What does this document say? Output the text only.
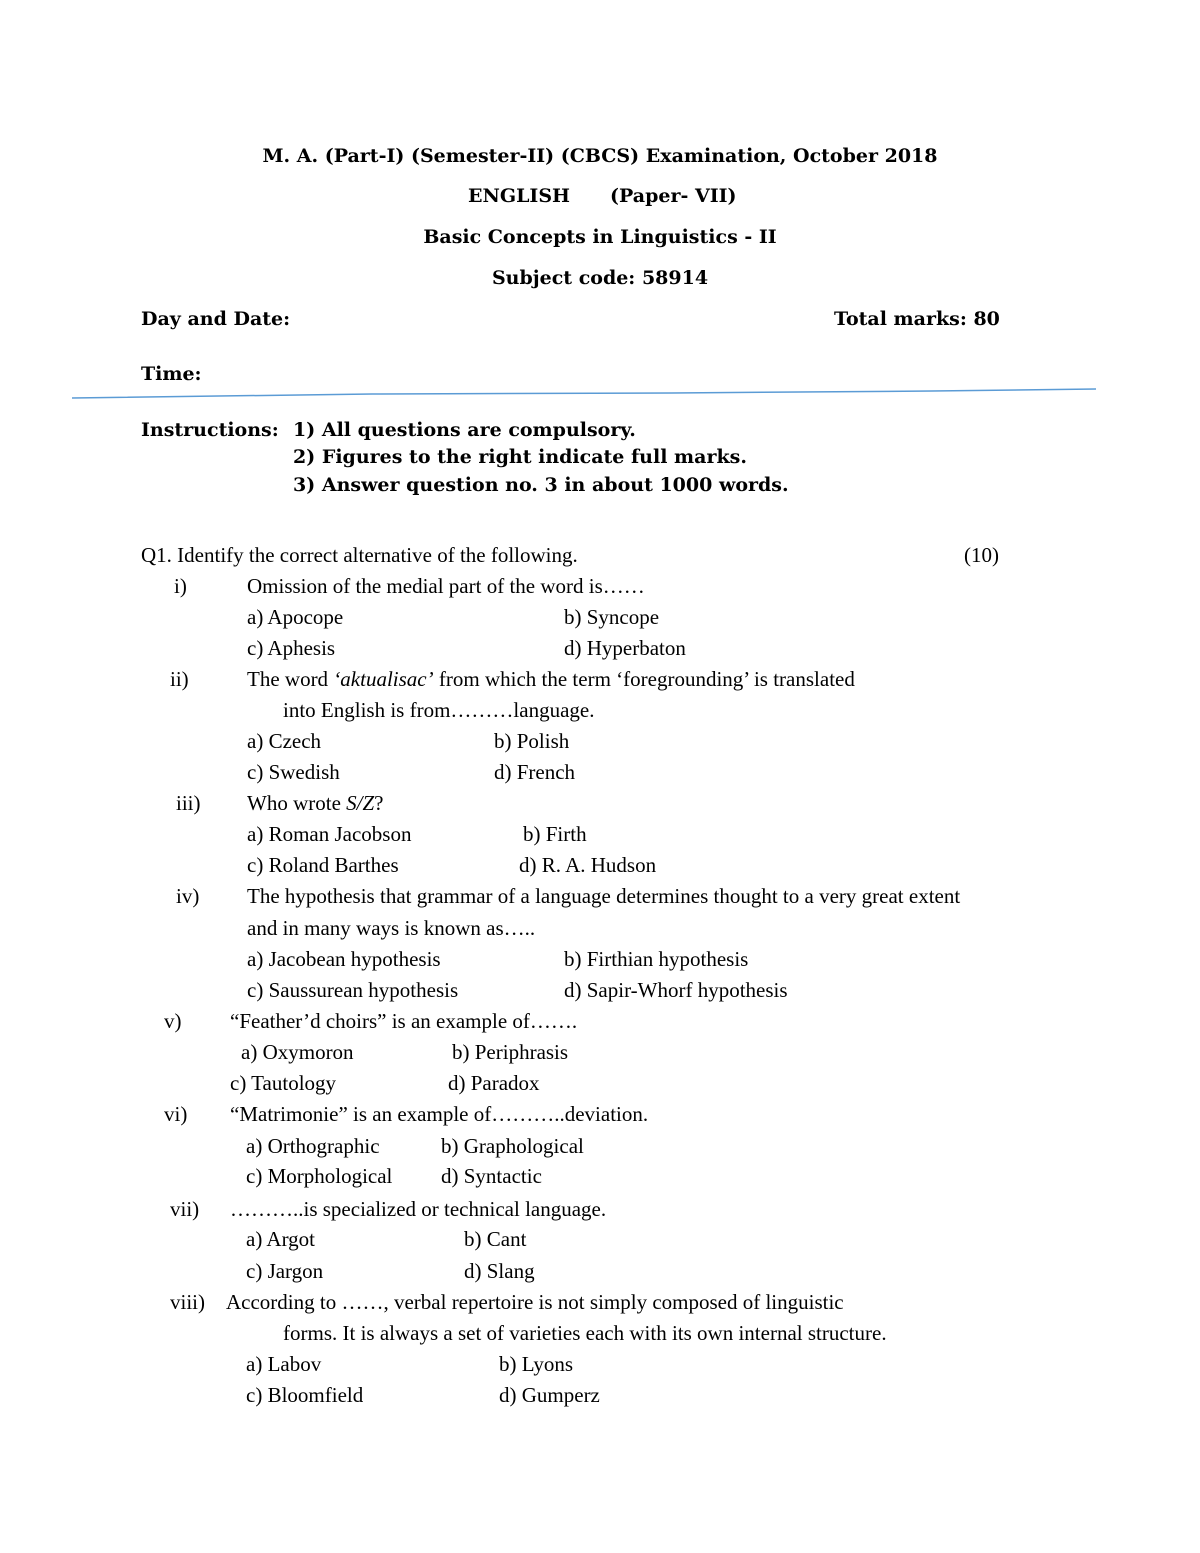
M. A. (Part-I) (Semester-II) (CBCS) Examination, October 2018
ENGLISH (Paper- VII)
Basic Concepts in Linguistics - II
Subject code: 58914
Day and Date:	Total marks: 80
Time:
Instructions: 1) All questions are compulsory.
2) Figures to the right indicate full marks.
3) Answer question no. 3 in about 1000 words.
Q1. Identify the correct alternative of the following.	(10)
i)	Omission of the medial part of the word is……
a) Apocope	b) Syncope
c) Aphesis	d) Hyperbaton
ii)	The word ‘aktualisac’ from which the term ‘foregrounding’ is translated
into English is from………language.
a) Czech	b) Polish
c) Swedish	d) French
iii) Who wrote S/Z?
a) Roman Jacobson	b) Firth
c) Roland Barthes	d) R. A. Hudson
iv) The hypothesis that grammar of a language determines thought to a very great extent
and in many ways is known as…..
a) Jacobean hypothesis	b) Firthian hypothesis
c) Saussurean hypothesis	d) Sapir-Whorf hypothesis
v) “Feather’d choirs” is an example of…….
a) Oxymoron	b) Periphrasis
c) Tautology	d) Paradox
vi) “Matrimonie” is an example of………..deviation.
a) Orthographic	b) Graphological
c) Morphological d) Syntactic
vii) ………..is specialized or technical language.
a) Argot	b) Cant
c) Jargon	d) Slang
viii) According to ……, verbal repertoire is not simply composed of linguistic
forms. It is always a set of varieties each with its own internal structure.
a) Labov	b) Lyons
c) Bloomfield	d) Gumperz
